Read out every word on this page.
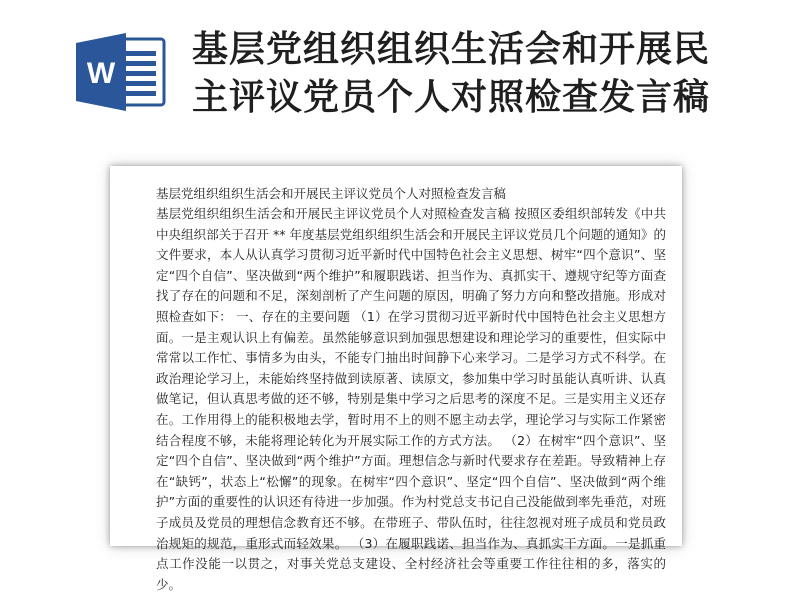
W
基层党组织组织生活会和开展民
主评议党员个人对照检查发言稿
基层党组织组织生活会和开展民主评议党员个人对照检查发言稿

基层党组织组织生活会和开展民主评议党员个人对照检查发言稿 按照区委组织部转发《中共中央组织部关于召开 ** 年度基层党组织组织生活会和开展民主评议党员几个问题的通知》的文件要求，本人从认真学习贯彻习近平新时代中国特色社会主义思想、树牢“四个意识”、坚定“四个自信”、坚决做到“两个维护”和履职践诺、担当作为、真抓实干、遵规守纪等方面查找了存在的问题和不足，深刻剖析了产生问题的原因，明确了努力方向和整改措施。形成对照检查如下： 一、存在的主要问题 （1）在学习贯彻习近平新时代中国特色社会主义思想方面。一是主观认识上有偏差。虽然能够意识到加强思想建设和理论学习的重要性，但实际中常常以工作忙、事情多为由头，不能专门抽出时间静下心来学习。二是学习方式不科学。在政治理论学习上，未能始终坚持做到读原著、读原文，参加集中学习时虽能认真听讲、认真做笔记，但认真思考做的还不够，特别是集中学习之后思考的深度不足。三是实用主义还存在。工作用得上的能积极地去学，暂时用不上的则不愿主动去学，理论学习与实际工作紧密结合程度不够，未能将理论转化为开展实际工作的方式方法。 （2）在树牢“四个意识”、坚定“四个自信”、坚决做到“两个维护”方面。理想信念与新时代要求存在差距。导致精神上存在“缺钙”，状态上“松懈”的现象。在树牢“四个意识”、坚定“四个自信”、坚决做到“两个维护”方面的重要性的认识还有待进一步加强。作为村党总支书记自己没能做到率先垂范，对班子成员及党员的理想信念教育还不够。在带班子、带队伍时，往往忽视对班子成员和党员政治规矩的规范，重形式而轻效果。 （3）在履职践诺、担当作为、真抓实干方面。一是抓重点工作没能一以贯之，对事关党总支建设、全村经济社会等重要工作往往相的多，落实的少。
